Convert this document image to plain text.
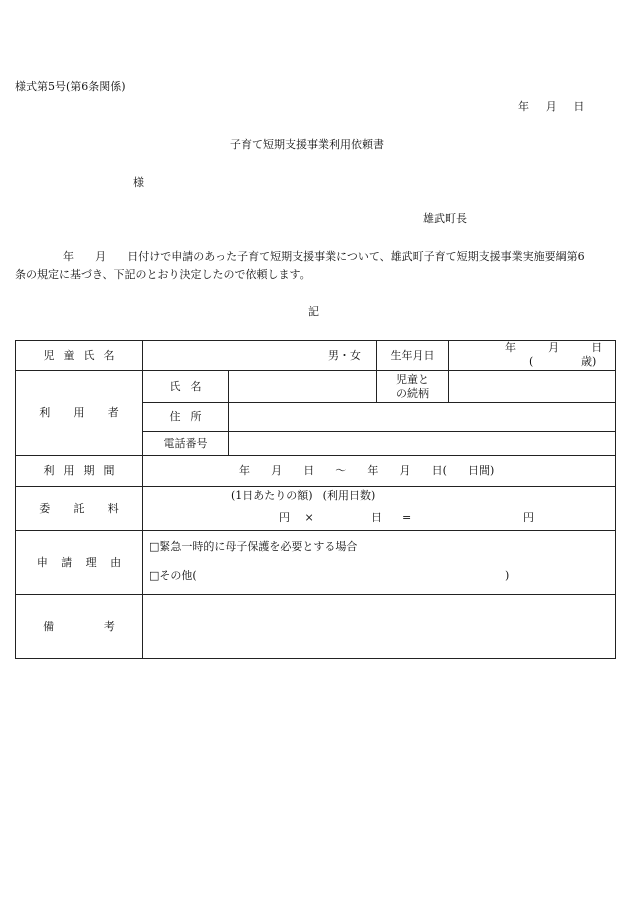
様式第5号(第6条関係)
年 月 日
子育て短期支援事業利用依頼書
様
雄武町長
年 月 日付けで申請のあった子育て短期支援事業について、雄武町子育て短期支援事業実施要綱第6
条の規定に基づき、下記のとおり決定したので依頼します。
記
児 童 氏 名	男・女		生年月日	年 月 日
( 歳)

利 用 者	氏 名		児童と
の続柄	

	住 所			
	電話番号			
利 用 期 間	年 月 日 〜 年 月 日( 日間)			

委 託 料	(1日あたりの額) (利用日数)
円 × 日 = 円			

申 請 理 由	□緊急一時的に母子保護を必要とする場合
□その他( )			

備 考				
